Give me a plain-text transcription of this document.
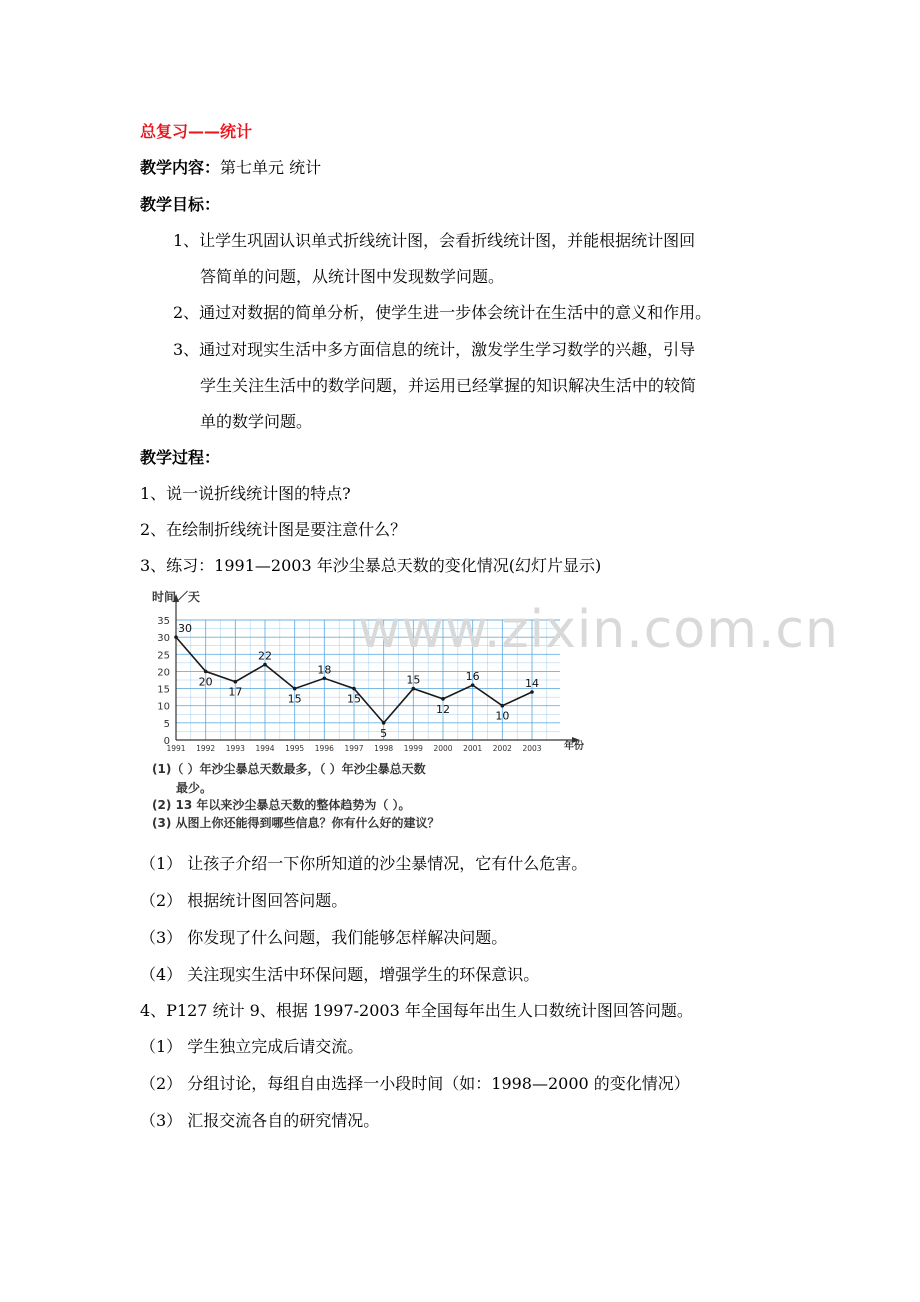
总复习——统计
教学内容：第七单元 统计
教学目标：
1、让学生巩固认识单式折线统计图，会看折线统计图，并能根据统计图回
答简单的问题，从统计图中发现数学问题。
2、通过对数据的简单分析，使学生进一步体会统计在生活中的意义和作用。
3、通过对现实生活中多方面信息的统计，激发学生学习数学的兴趣，引导
学生关注生活中的数学问题，并运用已经掌握的知识解决生活中的较简
单的数学问题。
教学过程：
1、说一说折线统计图的特点?
2、在绘制折线统计图是要注意什么？
3、练习：1991—2003 年沙尘暴总天数的变化情况(幻灯片显示)
时间／天
年份
0
5
10
15
20
25
30
35
1991 1992 1993 1994 1995 1996 1997 1998 1999 2000 2001 2002 2003
30
20
17
22
15
18
15
5
15
12
16
10
14
(1)（ ）年沙尘暴总天数最多，（ ）年沙尘暴总天数
最少。
(2) 13 年以来沙尘暴总天数的整体趋势为（ ）。
(3) 从图上你还能得到哪些信息？你有什么好的建议？
www.zixin.com.cn
（1） 让孩子介绍一下你所知道的沙尘暴情况，它有什么危害。
（2） 根据统计图回答问题。
（3） 你发现了什么问题，我们能够怎样解决问题。
（4） 关注现实生活中环保问题，增强学生的环保意识。
4、P127 统计 9、根据 1997-2003 年全国每年出生人口数统计图回答问题。
（1） 学生独立完成后请交流。
（2） 分组讨论，每组自由选择一小段时间（如：1998—2000 的变化情况）
（3） 汇报交流各自的研究情况。
